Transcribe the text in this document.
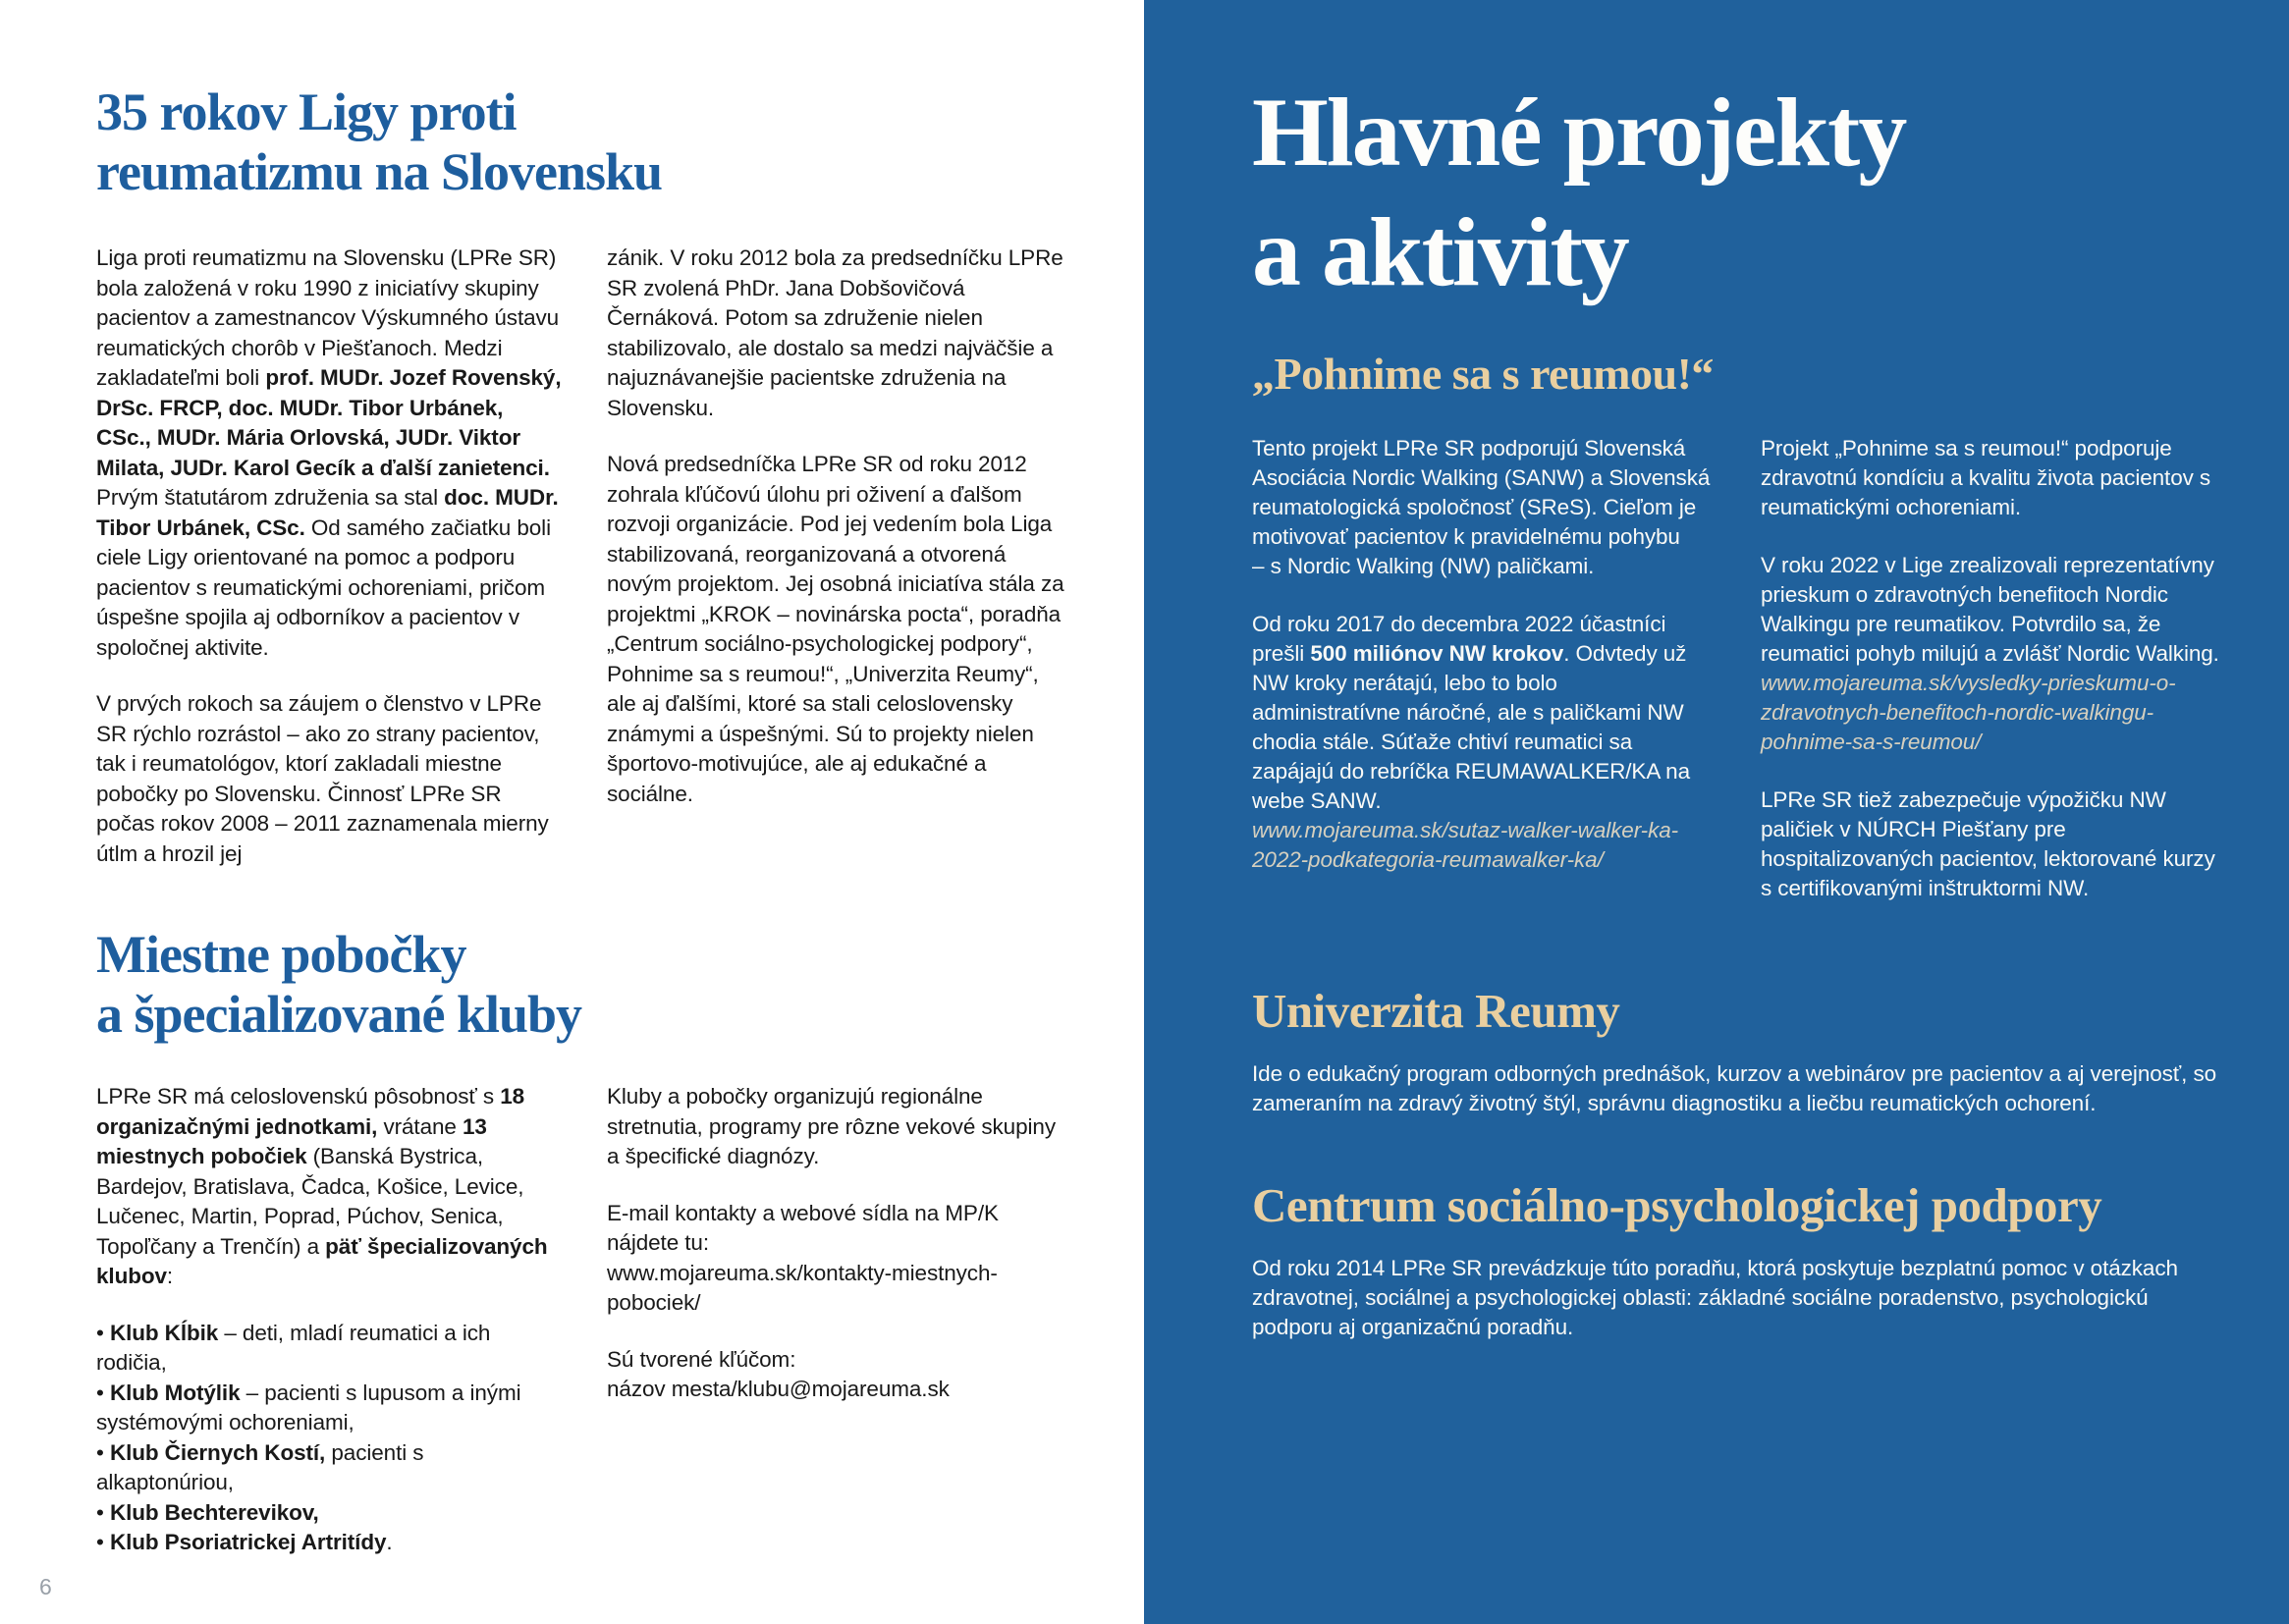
35 rokov Ligy proti
reumatizmu na Slovensku

Liga proti reumatizmu na Slovensku (LPRe SR) bola založená v roku 1990 z iniciatívy skupiny pacientov a zamestnancov Výskumného ústavu reumatických chorôb v Piešťanoch. Medzi zakladateľmi boli prof. MUDr. Jozef Rovenský, DrSc. FRCP, doc. MUDr. Tibor Urbánek, CSc., MUDr. Mária Orlovská, JUDr. Viktor Milata, JUDr. Karol Gecík a ďalší zanietenci. Prvým štatutárom združenia sa stal doc. MUDr. Tibor Urbánek, CSc. Od samého začiatku boli ciele Ligy orientované na pomoc a podporu pacientov s reumatickými ochoreniami, pričom úspešne spojila aj odborníkov a pacientov v spoločnej aktivite.

V prvých rokoch sa záujem o členstvo v LPRe SR rýchlo rozrástol – ako zo strany pacientov, tak i reumatológov, ktorí zakladali miestne pobočky po Slovensku. Činnosť LPRe SR počas rokov 2008 – 2011 zaznamenala mierny útlm a hrozil jej

zánik. V roku 2012 bola za predsedníčku LPRe SR zvolená PhDr. Jana Dobšovičová Černáková. Potom sa združenie nielen stabilizovalo, ale dostalo sa medzi najväčšie a najuznávanejšie pacientske združenia na Slovensku.

Nová predsedníčka LPRe SR od roku 2012 zohrala kľúčovú úlohu pri oživení a ďalšom rozvoji organizácie. Pod jej vedením bola Liga stabilizovaná, reorganizovaná a otvorená novým projektom. Jej osobná iniciatíva stála za projektmi „KROK – novinárska pocta“, poradňa „Centrum sociálno-psychologickej podpory“, Pohnime sa s reumou!“, „Univerzita Reumy“, ale aj ďalšími, ktoré sa stali celoslovensky známymi a úspešnými. Sú to projekty nielen športovo-motivujúce, ale aj edukačné a sociálne.

Miestne pobočky
a špecializované kluby

LPRe SR má celoslovenskú pôsobnosť s 18 organizačnými jednotkami, vrátane 13 miestnych pobočiek (Banská Bystrica, Bardejov, Bratislava, Čadca, Košice, Levice, Lučenec, Martin, Poprad, Púchov, Senica, Topoľčany a Trenčín) a päť špecializovaných klubov:

• Klub Kĺbik – deti, mladí reumatici a ich rodičia,

• Klub Motýlik – pacienti s lupusom a inými systémovými ochoreniami,

• Klub Čiernych Kostí, pacienti s alkaptonúriou,

• Klub Bechterevikov,

• Klub Psoriatrickej Artritídy.

Kluby a pobočky organizujú regionálne stretnutia, programy pre rôzne vekové skupiny a špecifické diagnózy.

E-mail kontakty a webové sídla na MP/K nájdete tu:
www.mojareuma.sk/kontakty-miestnych-pobociek/

Sú tvorené kľúčom:
názov mesta/klubu@mojareuma.sk

6
Hlavné projekty
a aktivity
„Pohnime sa s reumou!“

Tento projekt LPRe SR podporujú Slovenská Asociácia Nordic Walking (SANW) a Slovenská reumatologická spoločnosť (SReS). Cieľom je motivovať pacientov k pravidelnému pohybu
– s Nordic Walking (NW) paličkami.

Od roku 2017 do decembra 2022 účastníci prešli 500 miliónov NW krokov. Odvtedy už NW kroky nerátajú, lebo to bolo administratívne náročné, ale s paličkami NW chodia stále. Súťaže chtiví reumatici sa zapájajú do rebríčka REUMAWALKER/KA na webe SANW.
www.mojareuma.sk/sutaz-walker-walker-ka-2022-podkategoria-reumawalker-ka/

Projekt „Pohnime sa s reumou!“ podporuje zdravotnú kondíciu a kvalitu života pacientov s reumatickými ochoreniami.

V roku 2022 v Lige zrealizovali reprezentatívny prieskum o zdravotných benefitoch Nordic Walkingu pre reumatikov. Potvrdilo sa, že reumatici pohyb milujú a zvlášť Nordic Walking. www.mojareuma.sk/vysledky-prieskumu-o-zdravotnych-benefitoch-nordic-walkingu-pohnime-sa-s-reumou/

LPRe SR tiež zabezpečuje výpožičku NW paličiek v NÚRCH Piešťany pre hospitalizovaných pacientov, lektorované kurzy s certifikovanými inštruktormi NW.

Univerzita Reumy

Ide o edukačný program odborných prednášok, kurzov a webinárov pre pacientov a aj verejnosť, so zameraním na zdravý životný štýl, správnu diagnostiku a liečbu reumatických ochorení.

Centrum sociálno-psychologickej podpory

Od roku 2014 LPRe SR prevádzkuje túto poradňu, ktorá poskytuje bezplatnú pomoc v otázkach zdravotnej, sociálnej a psychologickej oblasti: základné sociálne poradenstvo, psychologickú podporu aj organizačnú poradňu.
